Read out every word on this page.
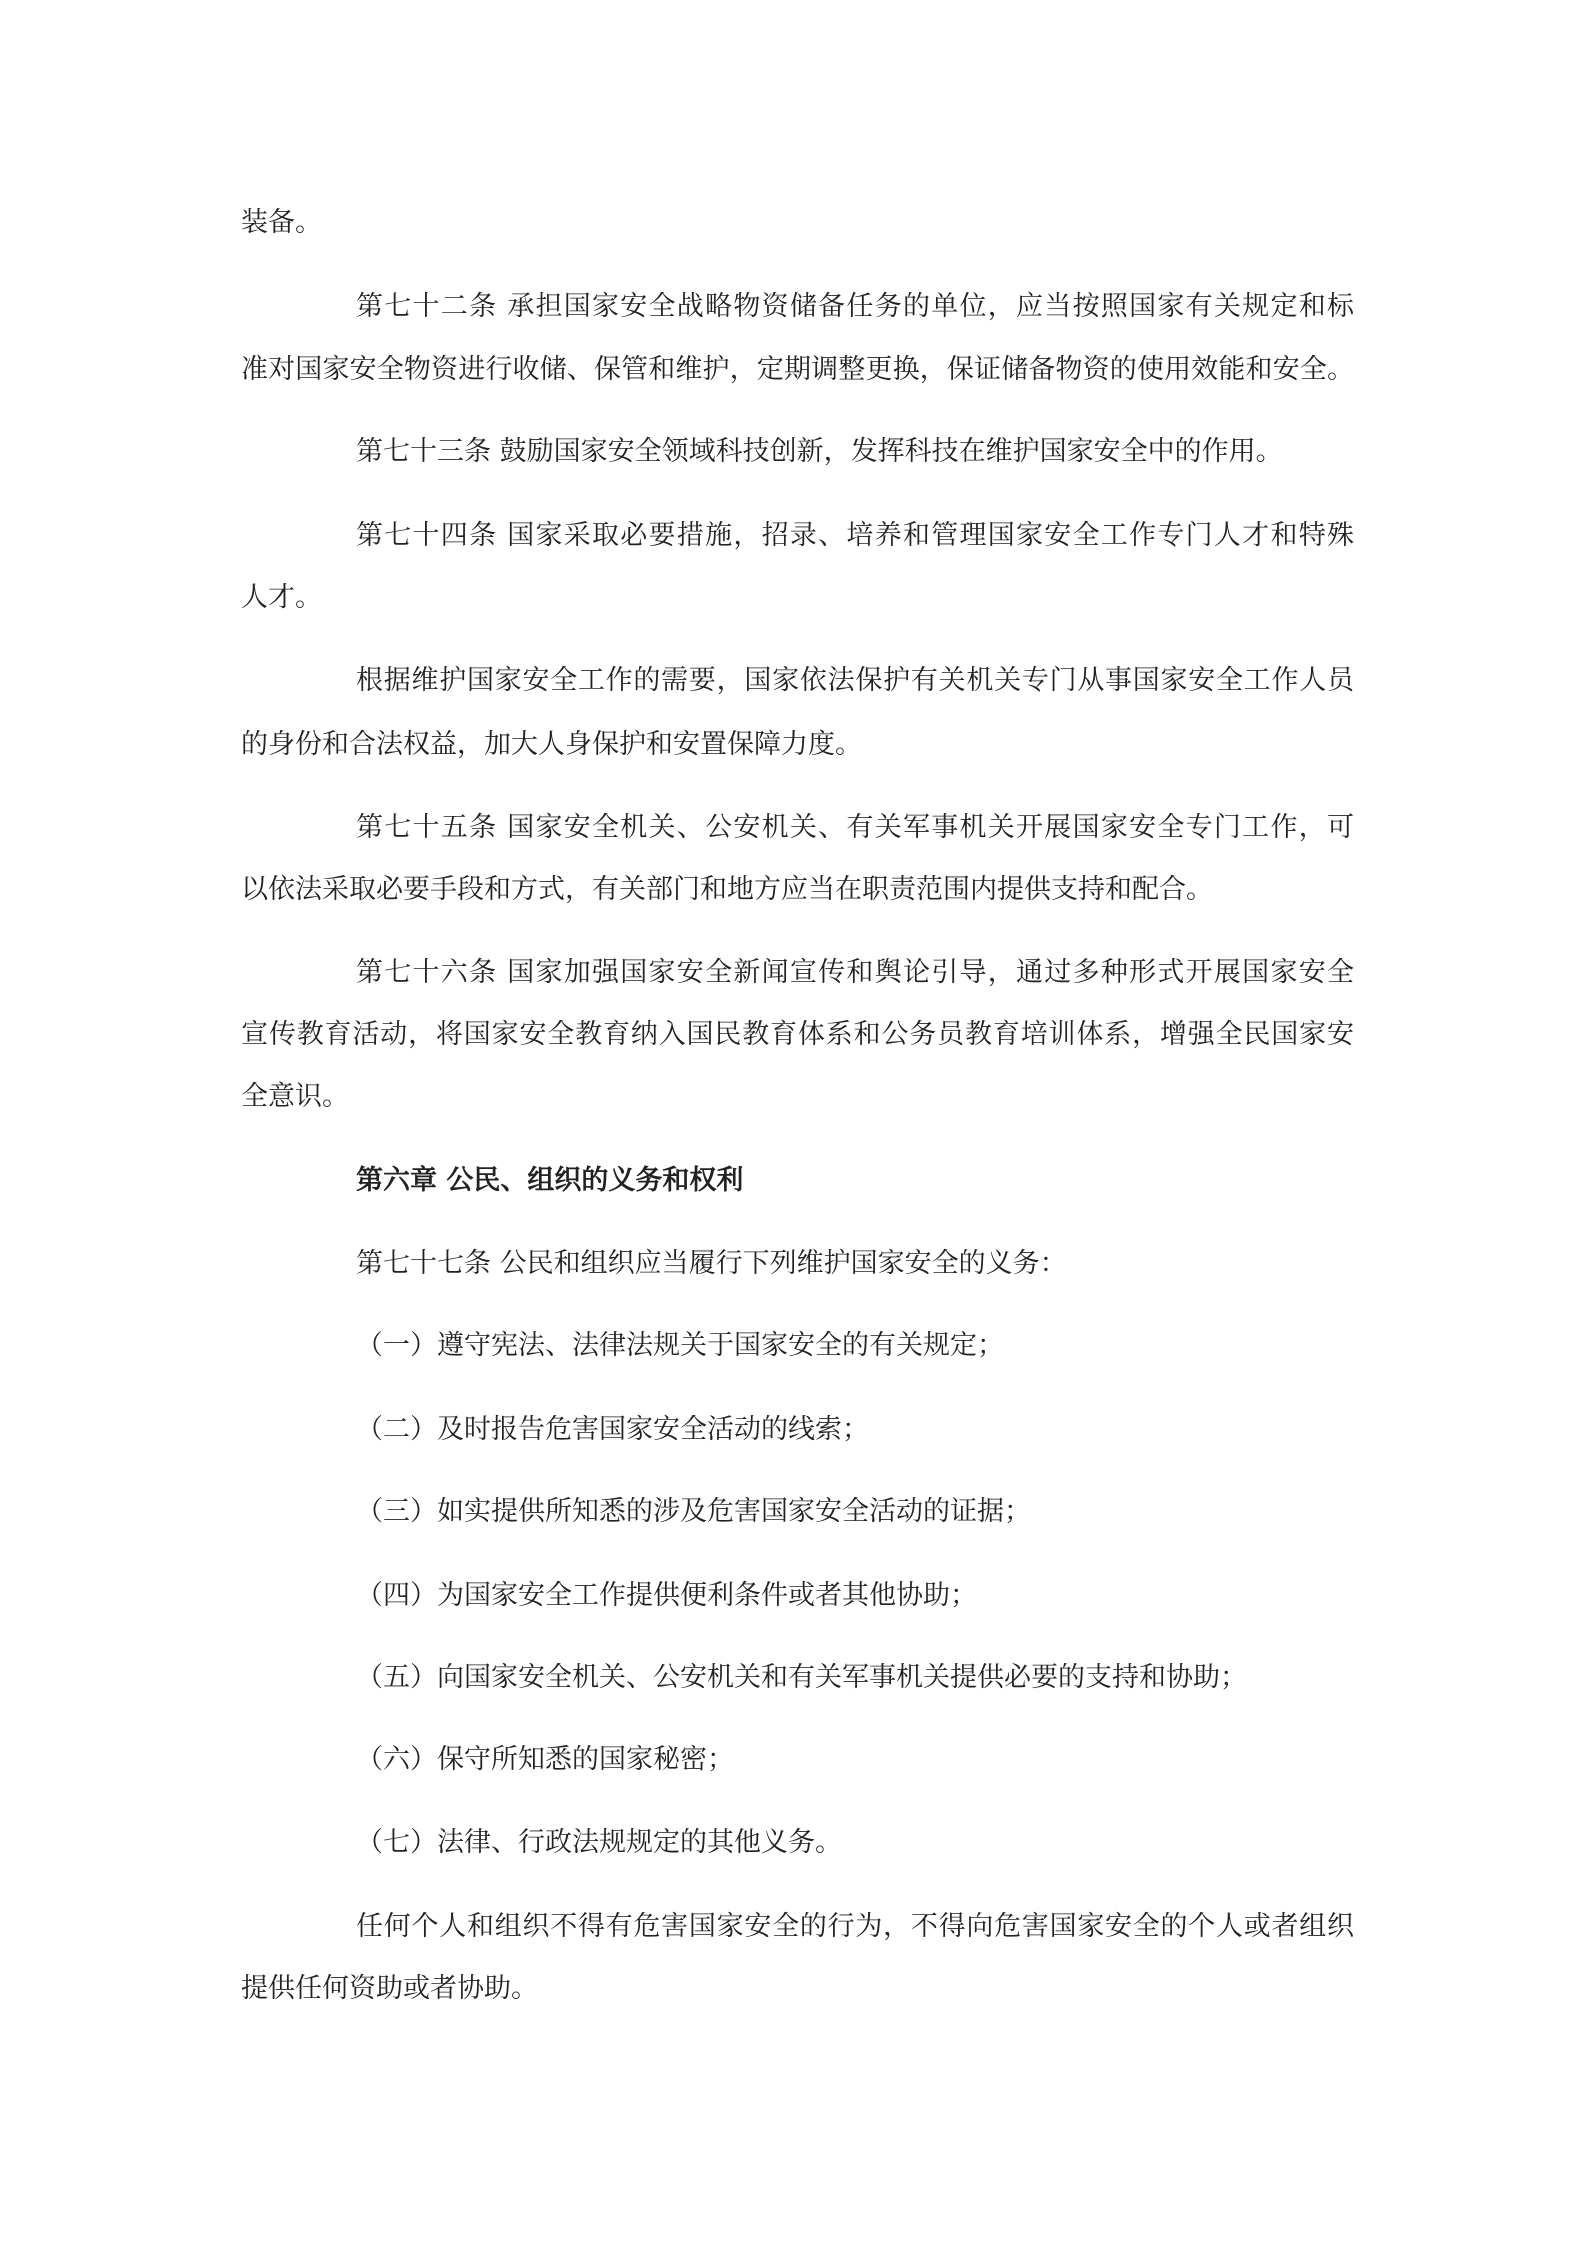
装备。
第七十二条 承担国家安全战略物资储备任务的单位，应当按照国家有关规定和标
准对国家安全物资进行收储、保管和维护，定期调整更换，保证储备物资的使用效能和安全。
第七十三条 鼓励国家安全领域科技创新，发挥科技在维护国家安全中的作用。
第七十四条 国家采取必要措施，招录、培养和管理国家安全工作专门人才和特殊
人才。
根据维护国家安全工作的需要，国家依法保护有关机关专门从事国家安全工作人员
的身份和合法权益，加大人身保护和安置保障力度。
第七十五条 国家安全机关、公安机关、有关军事机关开展国家安全专门工作，可
以依法采取必要手段和方式，有关部门和地方应当在职责范围内提供支持和配合。
第七十六条 国家加强国家安全新闻宣传和舆论引导，通过多种形式开展国家安全
宣传教育活动，将国家安全教育纳入国民教育体系和公务员教育培训体系，增强全民国家安
全意识。
第六章 公民、组织的义务和权利
第七十七条 公民和组织应当履行下列维护国家安全的义务：
（一）遵守宪法、法律法规关于国家安全的有关规定；
（二）及时报告危害国家安全活动的线索；
（三）如实提供所知悉的涉及危害国家安全活动的证据；
（四）为国家安全工作提供便利条件或者其他协助；
（五）向国家安全机关、公安机关和有关军事机关提供必要的支持和协助；
（六）保守所知悉的国家秘密；
（七）法律、行政法规规定的其他义务。
任何个人和组织不得有危害国家安全的行为，不得向危害国家安全的个人或者组织
提供任何资助或者协助。
